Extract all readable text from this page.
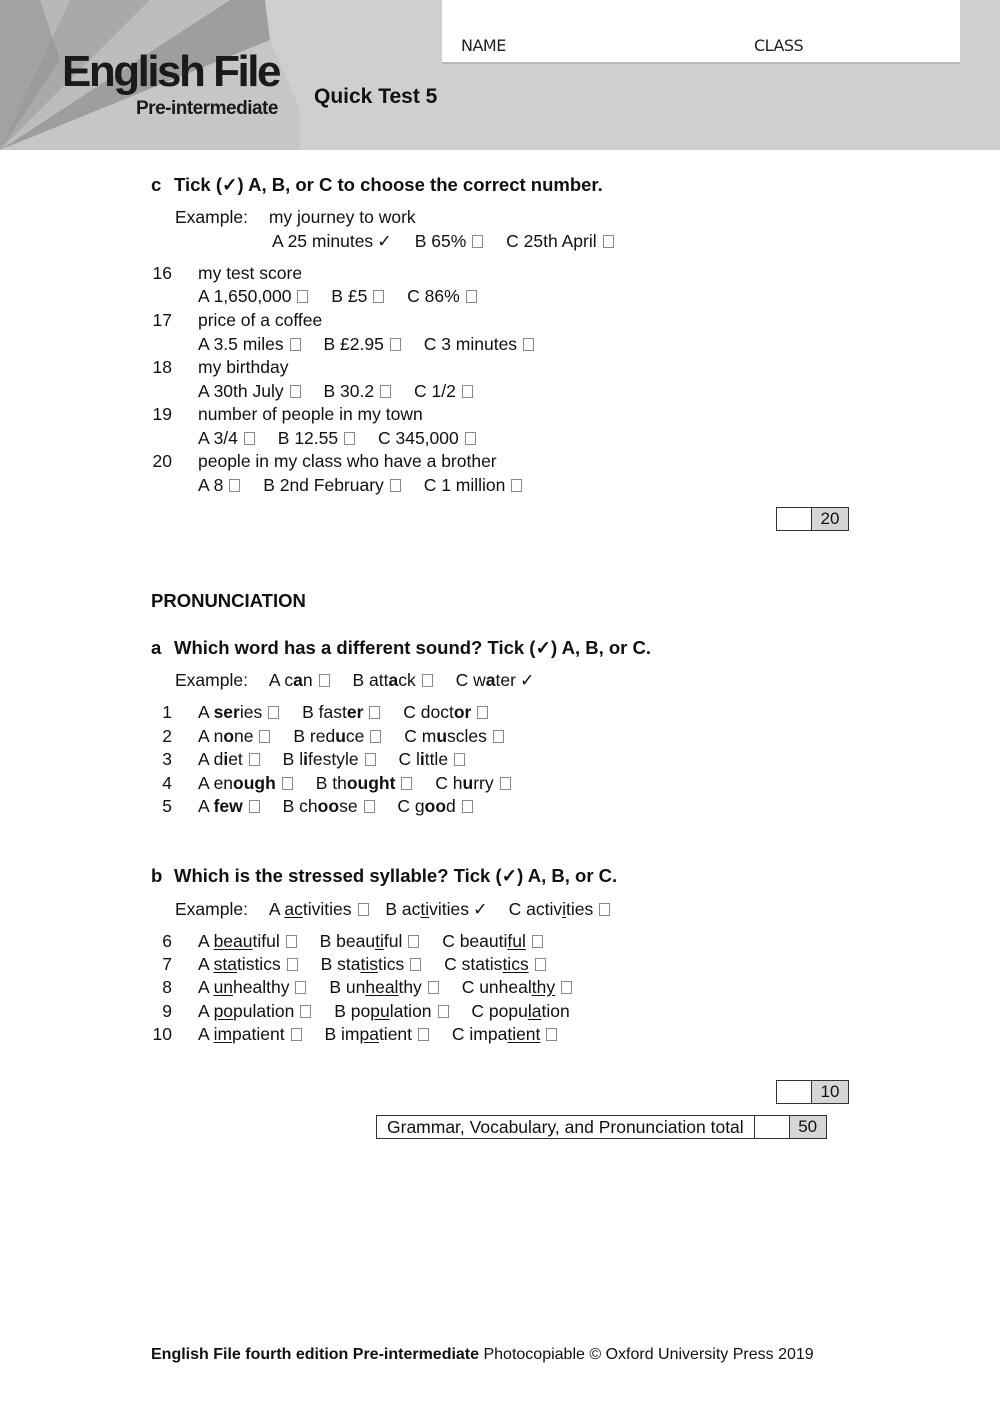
English File
Pre-intermediate
Quick Test 5
NAME	CLASS
c Tick (✓) A, B, or C to choose the correct number.
Example: my journey to work
A 25 minutes ✓ B 65% C 25th April
16 my test score
A 1,650,000 B £5 C 86%
17 price of a coffee
A 3.5 miles B £2.95 C 3 minutes
18 my birthday
A 30th July B 30.2 C 1/2
19 number of people in my town
A 3/4 B 12.55 C 345,000
20 people in my class who have a brother
A 8 B 2nd February C 1 million
20
PRONUNCIATION
a Which word has a different sound? Tick (✓) A, B, or C.
Example: A can B attack C water ✓
1 A series B faster C doctor
2 A none B reduce C muscles
3 A diet B lifestyle C little
4 A enough B thought C hurry
5 A few B choose C good
b Which is the stressed syllable? Tick (✓) A, B, or C.
Example: A activities B activities ✓ C activities
6 A beautiful B beautiful C beautiful
7 A statistics B statistics C statistics
8 A unhealthy B unhealthy C unhealthy
9 A population B population C population
10 A impatient B impatient C impatient
10
Grammar, Vocabulary, and Pronunciation total	50
English File fourth edition Pre-intermediate Photocopiable © Oxford University Press 2019
